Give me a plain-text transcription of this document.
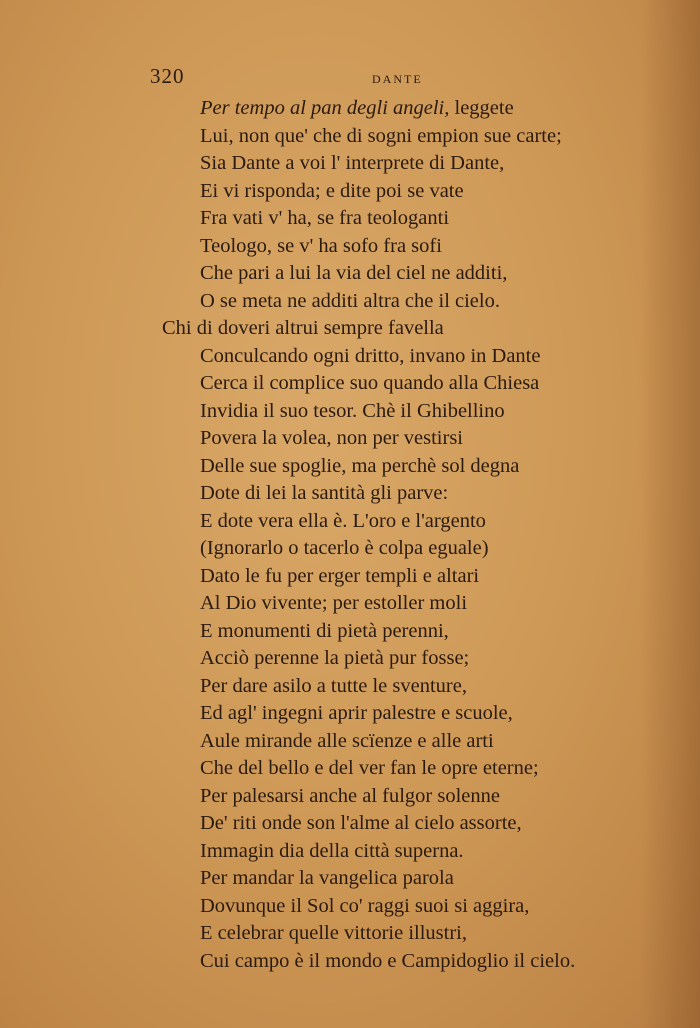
320	DANTE
Per tempo al pan degli angeli, leggete
Lui, non que' che di sogni empion sue carte;
Sia Dante a voi l' interprete di Dante,
Ei vi risponda; e dite poi se vate
Fra vati v' ha, se fra teologanti
Teologo, se v' ha sofo fra sofi
Che pari a lui la via del ciel ne additi,
O se meta ne additi altra che il cielo.
Chi di doveri altrui sempre favella
Conculcando ogni dritto, invano in Dante
Cerca il complice suo quando alla Chiesa
Invidia il suo tesor. Chè il Ghibellino
Povera la volea, non per vestirsi
Delle sue spoglie, ma perchè sol degna
Dote di lei la santità gli parve:
E dote vera ella è. L'oro e l'argento
(Ignorarlo o tacerlo è colpa eguale)
Dato le fu per erger templi e altari
Al Dio vivente; per estoller moli
E monumenti di pietà perenni,
Acciò perenne la pietà pur fosse;
Per dare asilo a tutte le sventure,
Ed agl' ingegni aprir palestre e scuole,
Aule mirande alle scïenze e alle arti
Che del bello e del ver fan le opre eterne;
Per palesarsi anche al fulgor solenne
De' riti onde son l'alme al cielo assorte,
Immagin dia della città superna.
Per mandar la vangelica parola
Dovunque il Sol co' raggi suoi si aggira,
E celebrar quelle vittorie illustri,
Cui campo è il mondo e Campidoglio il cielo.
